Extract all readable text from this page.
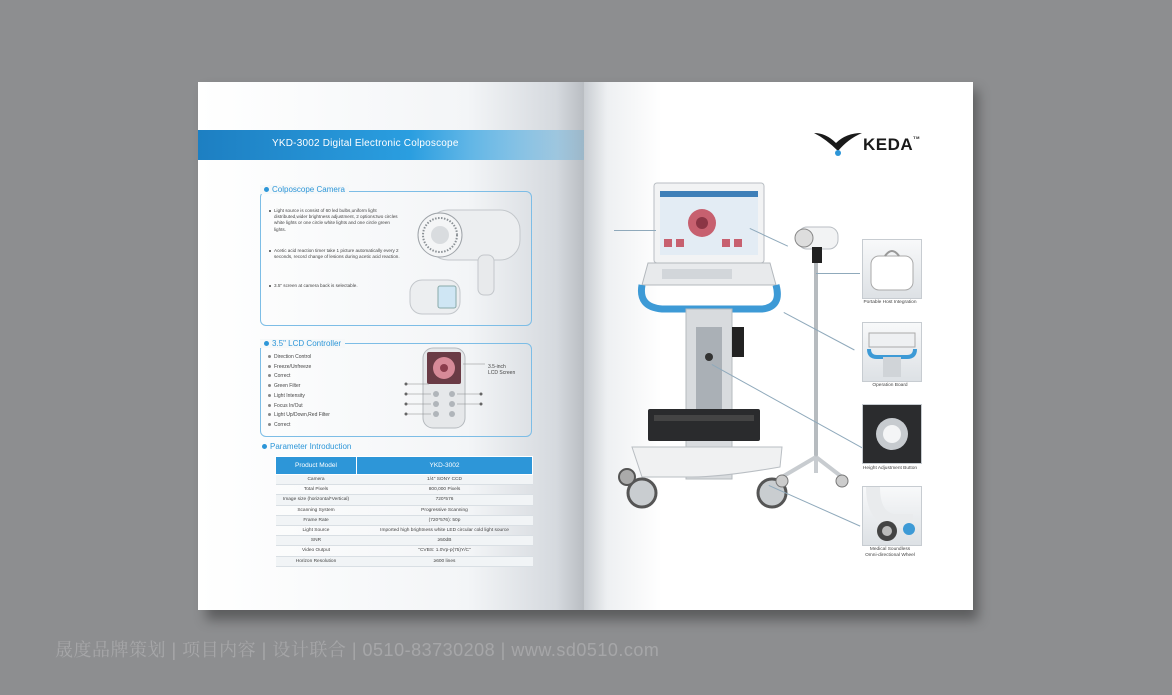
YKD-3002 Digital Electronic Colposcope
Colposcope Camera
Light source is consist of 60 led bulbs,uniform light distributed,wider brightness adjustment, 2 options:two circles white lights or one circle white lights and one circle green lights.
Acetic acid reaction timer take 1 picture automatically every 2 seconds, record change of lesions during acetic acid reaction.
3.5" screen at camera back is selectable.
3.5" LCD Controller
Direction Control
Freeze/Unfreeze
Correct
Green Filter
Light Intensity
Focus In/Out
Light Up/Down,Red Filter
Correct
3.5-inch
LCD Screen
Parameter Introduction
Product Model	YKD-3002
Camera	1/4" SONY CCD
Total Pixels	800,000 Pixels
Image size (horizontal*Vertical)	720*576
Scanning System	Progressive Scanning
Frame Rate	(720*576): 50p
Light Source	Imported high brightness white LED circular cold light source
SNR	≥50dB
Video Output	"CVBS: 1.0Vp-p(75)Y/C"
Horizon Resolution	≥600 lines
KEDA™
Portable Host Integration
Operation Board
Height Adjustment Button
Medical Soundless
Omni-directional Wheel
晟度品牌策划 | 项目内容 | 设计联合 | 0510-83730208 | www.sd0510.com
